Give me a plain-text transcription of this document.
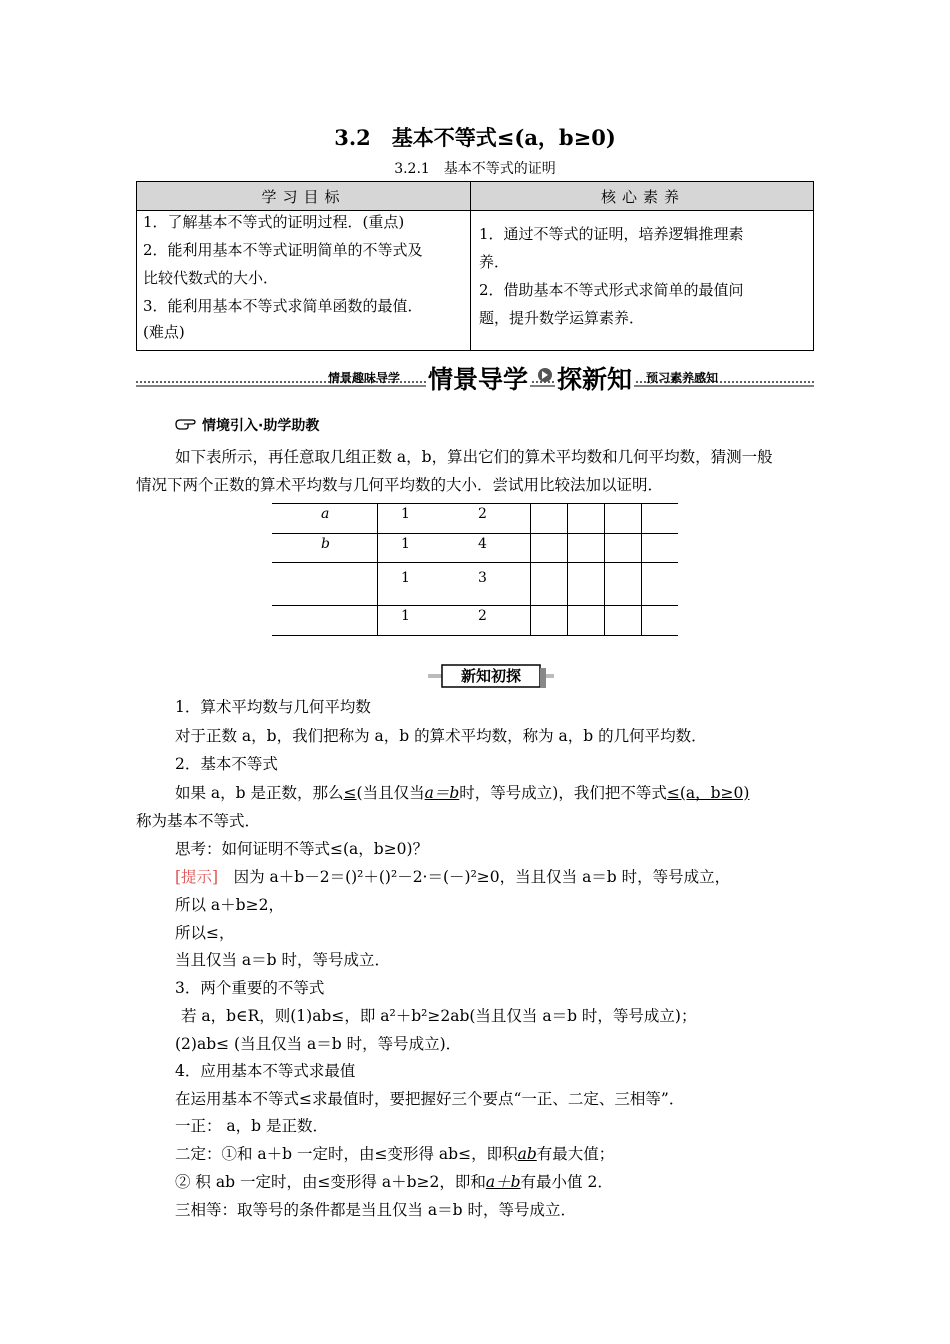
3.2　基本不等式≤(a，b≥0)
3.2.1　基本不等式的证明
学习目标	核心素养
1．了解基本不等式的证明过程．(重点)
2．能利用基本不等式证明简单的不等式及
比较代数式的大小．
3．能利用基本不等式求简单函数的最值．
(难点)
1．通过不等式的证明，培养逻辑推理素
养．
2．借助基本不等式形式求简单的最值问
题，提升数学运算素养．
情景趣味导学 情景导学 探新知 预习素养感知
情境引入·助学助教
如下表所示，再任意取几组正数 a，b，算出它们的算术平均数和几何平均数，猜测一般
情况下两个正数的算术平均数与几何平均数的大小．尝试用比较法加以证明．
a
b
1
1
1
1
2
4
3
2
新知初探
1．算术平均数与几何平均数
对于正数 a，b，我们把称为 a，b 的算术平均数，称为 a，b 的几何平均数．
2．基本不等式
如果 a，b 是正数，那么≤(当且仅当a＝b时，等号成立)，我们把不等式≤(a，b≥0)
称为基本不等式．
思考：如何证明不等式≤(a，b≥0)？
[提示]　 因为 a＋b－2＝()²＋()²－2·＝(－)²≥0，当且仅当 a＝b 时，等号成立，
所以 a＋b≥2，
所以≤，
当且仅当 a＝b 时，等号成立．
3．两个重要的不等式
若 a，b∈R，则(1)ab≤，即 a²＋b²≥2ab(当且仅当 a＝b 时，等号成立)；
(2)ab≤ (当且仅当 a＝b 时，等号成立)．
4．应用基本不等式求最值
在运用基本不等式≤求最值时，要把握好三个要点“一正、二定、三相等”．
一正： a，b 是正数．
二定：①和 a＋b 一定时，由≤变形得 ab≤，即积ab有最大值；
② 积 ab 一定时，由≤变形得 a＋b≥2，即和a＋b有最小值 2．
三相等：取等号的条件都是当且仅当 a＝b 时，等号成立．
